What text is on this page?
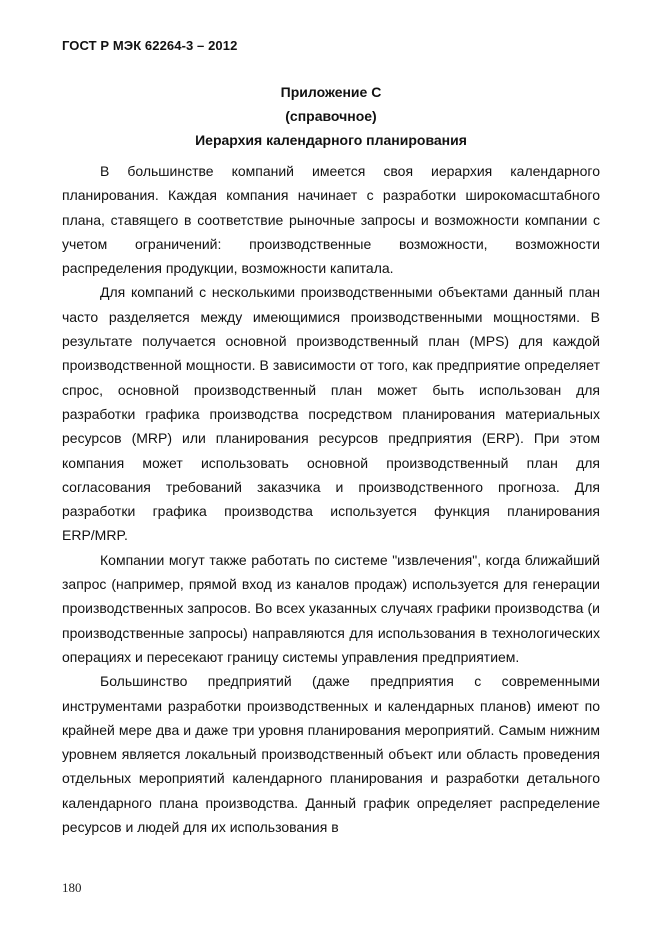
ГОСТ Р МЭК 62264-3 – 2012
Приложение С
(справочное)
Иерархия календарного планирования

В большинстве компаний имеется своя иерархия календарного планирования. Каждая компания начинает с разработки широкомасштабного плана, ставящего в соответствие рыночные запросы и возможности компании с учетом ограничений: производственные возможности, возможности распределения продукции, возможности капитала.

Для компаний с несколькими производственными объектами данный план часто разделяется между имеющимися производственными мощностями. В результате получается основной производственный план (MPS) для каждой производственной мощности. В зависимости от того, как предприятие определяет спрос, основной производственный план может быть использован для разработки графика производства посредством планирования материальных ресурсов (MRP) или планирования ресурсов предприятия (ERP). При этом компания может использовать основной производственный план для согласования требований заказчика и производственного прогноза. Для разработки графика производства используется функция планирования ERP/MRP.

Компании могут также работать по системе "извлечения", когда ближайший запрос (например, прямой вход из каналов продаж) используется для генерации производственных запросов. Во всех указанных случаях графики производства (и производственные запросы) направляются для использования в технологических операциях и пересекают границу системы управления предприятием.

Большинство предприятий (даже предприятия с современными инструментами разработки производственных и календарных планов) имеют по крайней мере два и даже три уровня планирования мероприятий. Самым нижним уровнем является локальный производственный объект или область проведения отдельных мероприятий календарного планирования и разработки детального календарного плана производства. Данный график определяет распределение ресурсов и людей для их использования в

180
